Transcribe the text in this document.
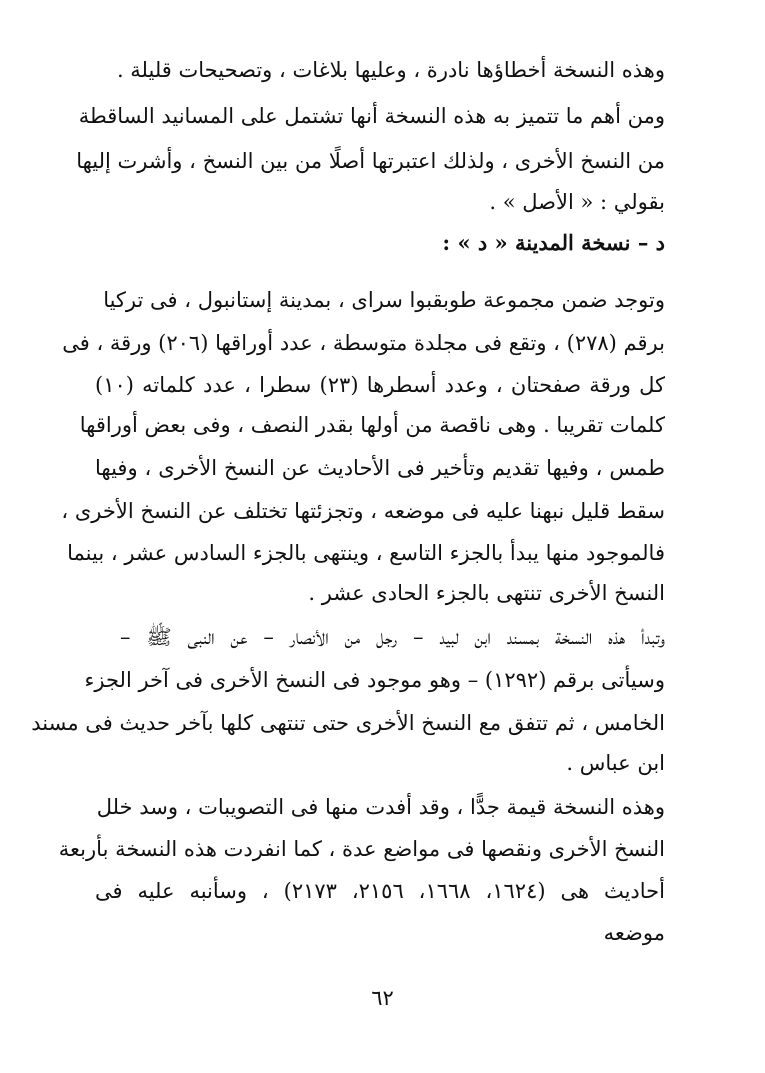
وهذه النسخة أخطاؤها نادرة ، وعليها بلاغات ، وتصحيحات قليلة .
ومن أهم ما تتميز به هذه النسخة أنها تشتمل على المسانيد الساقطة
من النسخ الأخرى ، ولذلك اعتبرتها أصلًا من بين النسخ ، وأشرت إليها
بقولي : « الأصل » .
د – نسخة المدينة « د » :
وتوجد ضمن مجموعة طوبقبوا سراى ، بمدينة إستانبول ، فى تركيا
برقم (٢٧٨) ، وتقع فى مجلدة متوسطة ، عدد أوراقها (٢٠٦) ورقة ، فى
كل ورقة صفحتان ، وعدد أسطرها (٢٣) سطرا ، عدد كلماته (١٠)
كلمات تقريبا . وهى ناقصة من أولها بقدر النصف ، وفى بعض أوراقها
طمس ، وفيها تقديم وتأخير فى الأحاديث عن النسخ الأخرى ، وفيها
سقط قليل نبهنا عليه فى موضعه ، وتجزئتها تختلف عن النسخ الأخرى ،
فالموجود منها يبدأ بالجزء التاسع ، وينتهى بالجزء السادس عشر ، بينما
النسخ الأخرى تنتهى بالجزء الحادى عشر .
وتبدأ هذه النسخة بمسند ابن لبيد – رجل من الأنصار – عن النبى ﷺ –
وسيأتى برقم (١٢٩٢) – وهو موجود فى النسخ الأخرى فى آخر الجزء
الخامس ، ثم تتفق مع النسخ الأخرى حتى تنتهى كلها بآخر حديث فى مسند
ابن عباس .
وهذه النسخة قيمة جدًّا ، وقد أفدت منها فى التصويبات ، وسد خلل
النسخ الأخرى ونقصها فى مواضع عدة ، كما انفردت هذه النسخة بأربعة
أحاديث هى (١٦٢٤، ١٦٦٨، ٢١٥٦، ٢١٧٣) ، وسأنبه عليه فى
موضعه
٦٢
